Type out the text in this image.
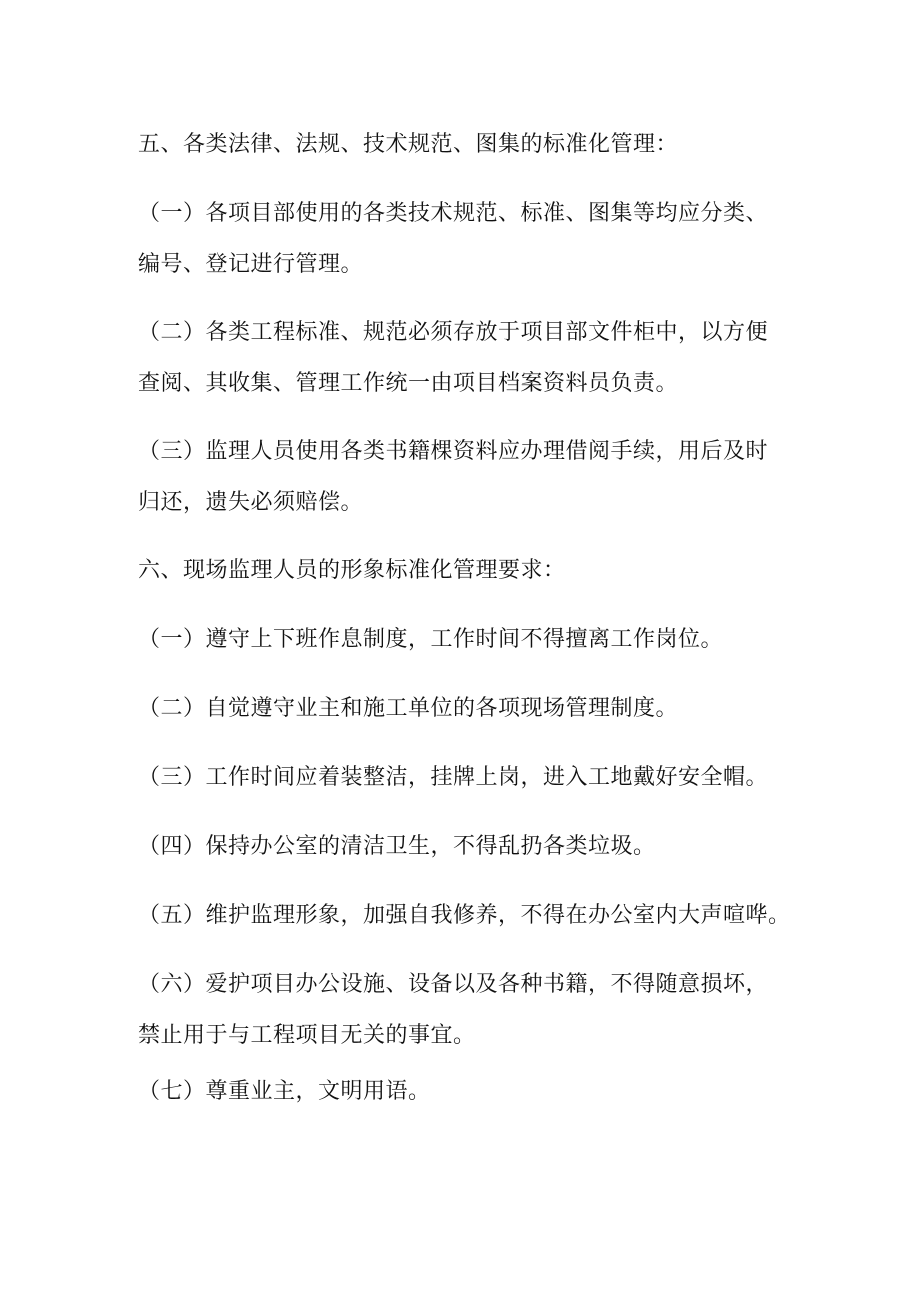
五、各类法律、法规、技术规范、图集的标准化管理：
（一）各项目部使用的各类技术规范、标准、图集等均应分类、
编号、登记进行管理。
（二）各类工程标准、规范必须存放于项目部文件柜中，以方便
查阅、其收集、管理工作统一由项目档案资料员负责。
（三）监理人员使用各类书籍棵资料应办理借阅手续，用后及时
归还，遗失必须赔偿。
六、现场监理人员的形象标准化管理要求：
（一）遵守上下班作息制度，工作时间不得擅离工作岗位。
（二）自觉遵守业主和施工单位的各项现场管理制度。
（三）工作时间应着装整洁，挂牌上岗，进入工地戴好安全帽。
（四）保持办公室的清洁卫生，不得乱扔各类垃圾。
（五）维护监理形象，加强自我修养，不得在办公室内大声喧哗。
（六）爱护项目办公设施、设备以及各种书籍，不得随意损坏，
禁止用于与工程项目无关的事宜。
（七）尊重业主，文明用语。
